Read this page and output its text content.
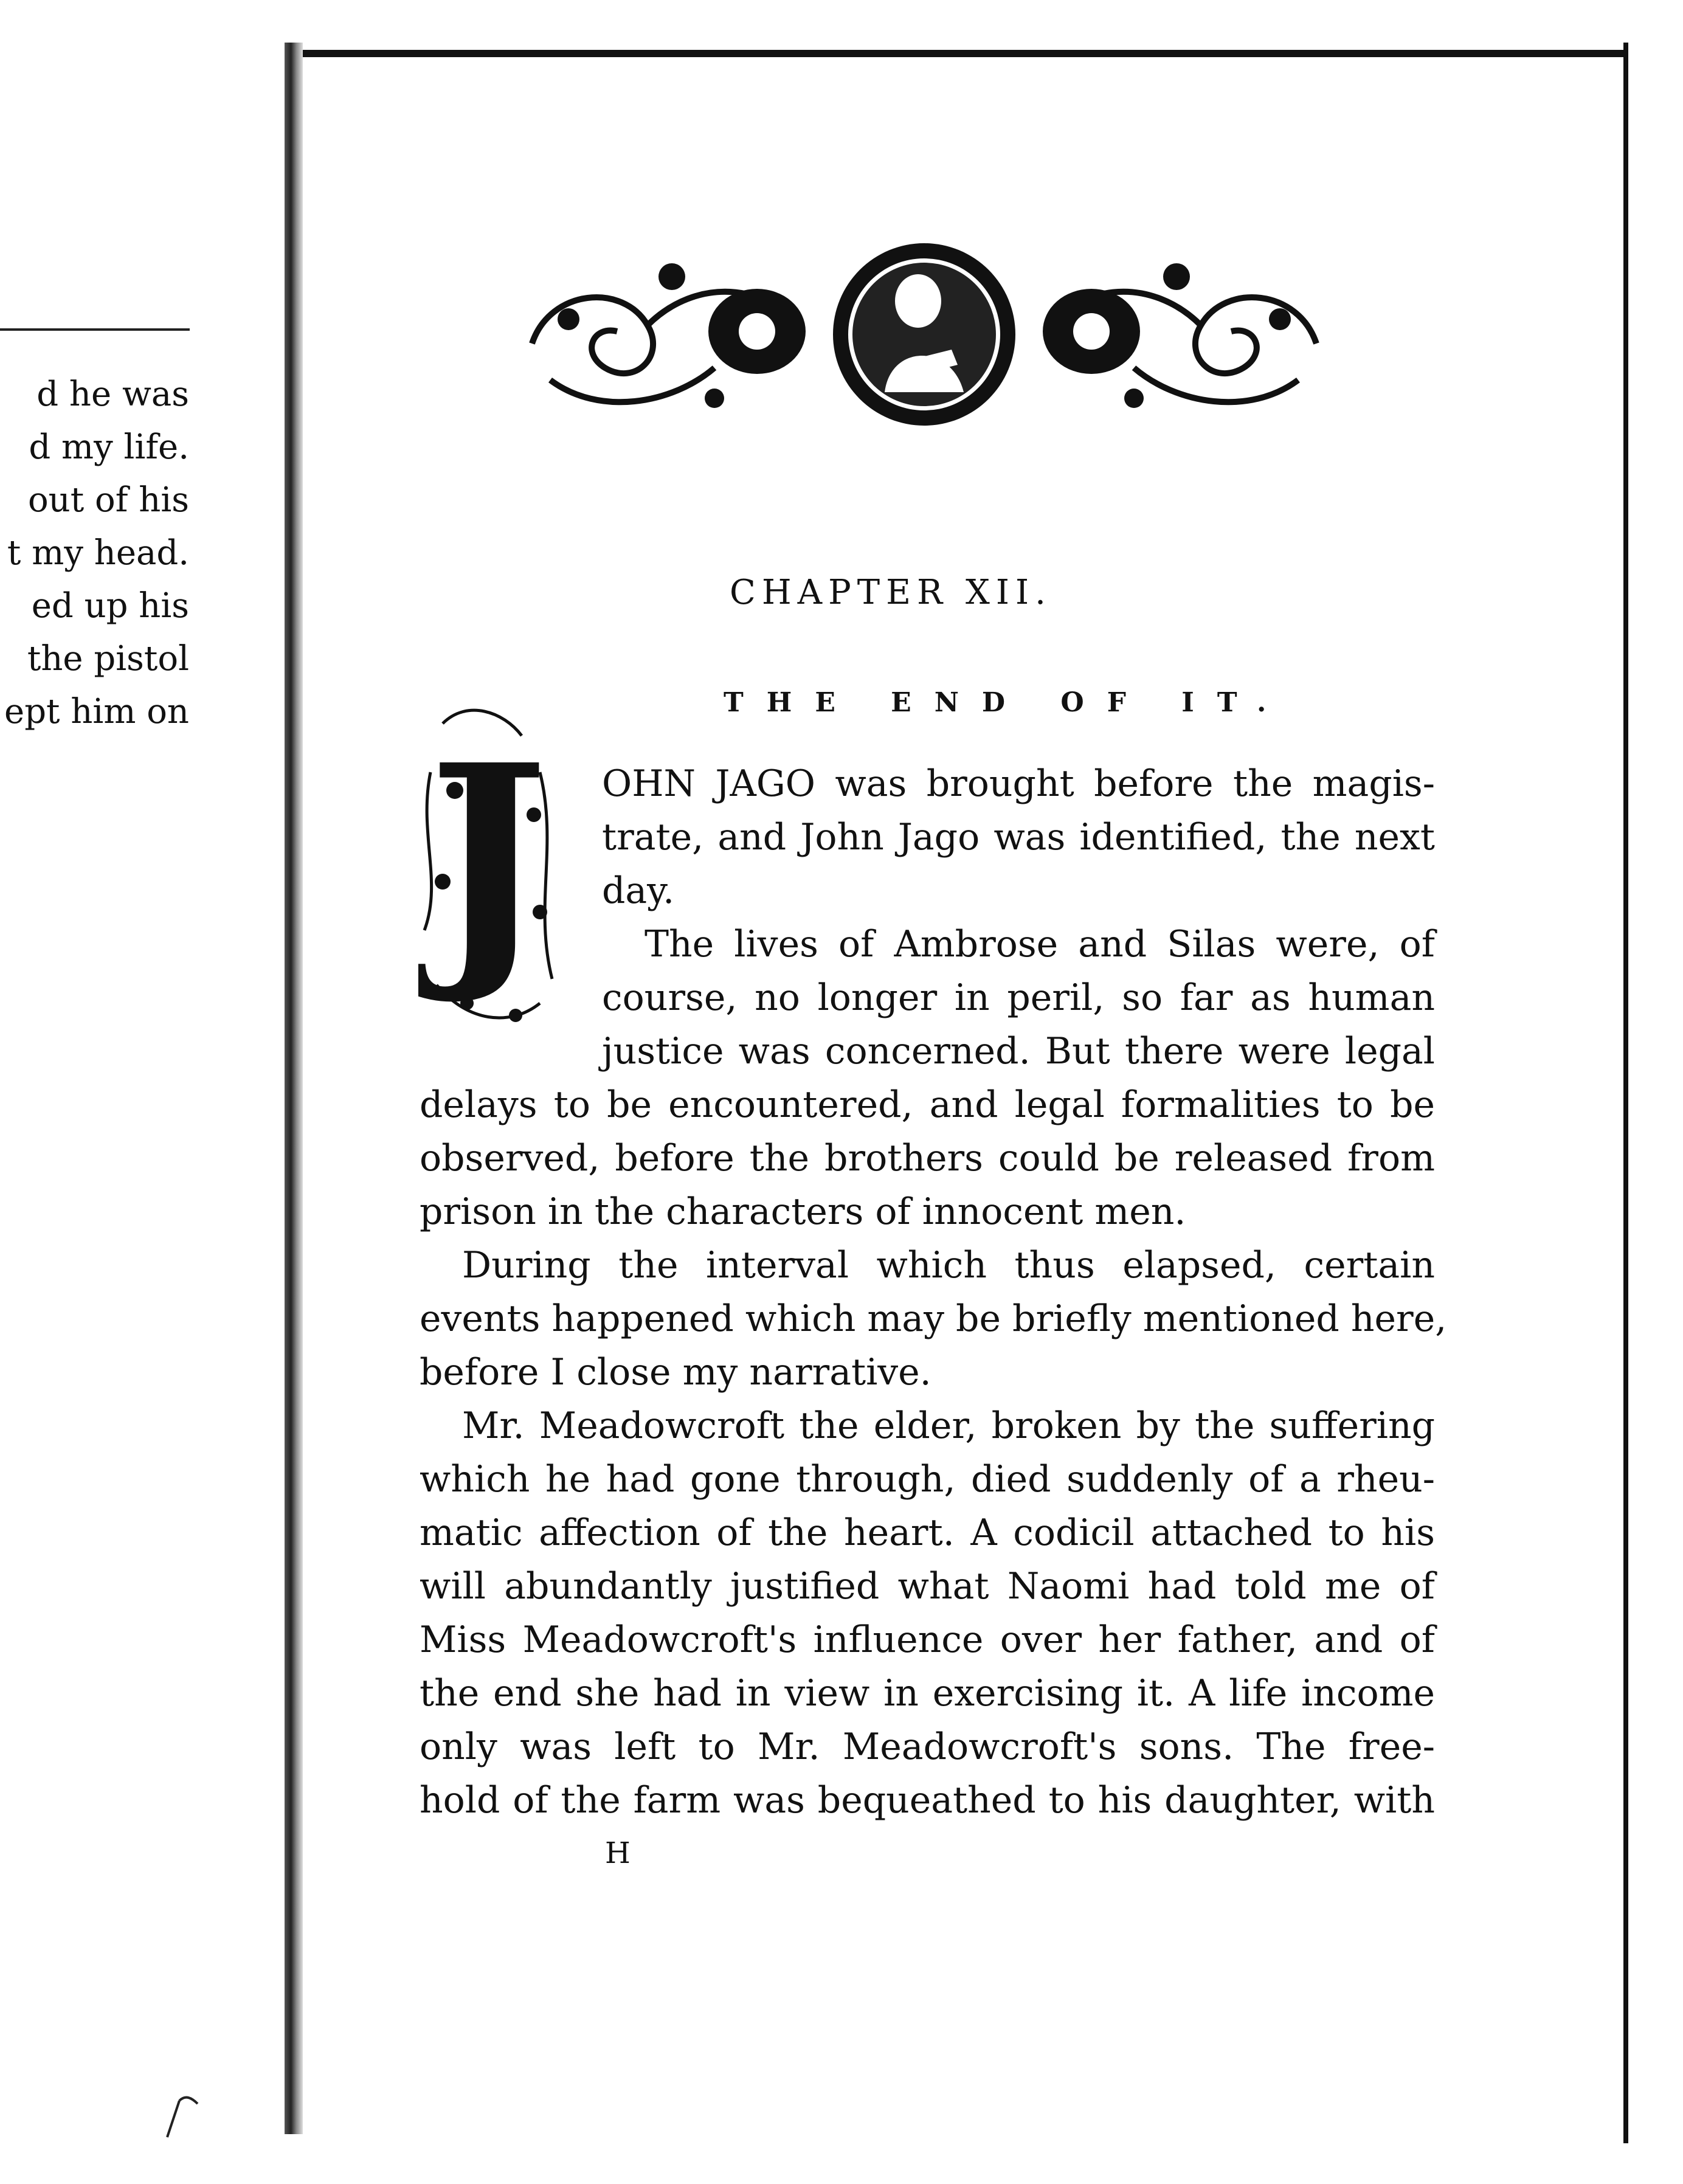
d he was
d my life.
out of his
t my head.
ed up his
the pistol
ept him on
CHAPTER XII.
THE END OF IT.
J	OHN JAGO was brought before the magis-
trate, and John Jago was identified, the next
day.
The lives of Ambrose and Silas were, of
course, no longer in peril, so far as human
justice was concerned. But there were legal
delays to be encountered, and legal formalities to be
observed, before the brothers could be released from
prison in the characters of innocent men.
During the interval which thus elapsed, certain
events happened which may be briefly mentioned here,
before I close my narrative.
Mr. Meadowcroft the elder, broken by the suffering
which he had gone through, died suddenly of a rheu-
matic affection of the heart. A codicil attached to his
will abundantly justified what Naomi had told me of
Miss Meadowcroft's influence over her father, and of
the end she had in view in exercising it. A life income
only was left to Mr. Meadowcroft's sons. The free-
hold of the farm was bequeathed to his daughter, with
H
